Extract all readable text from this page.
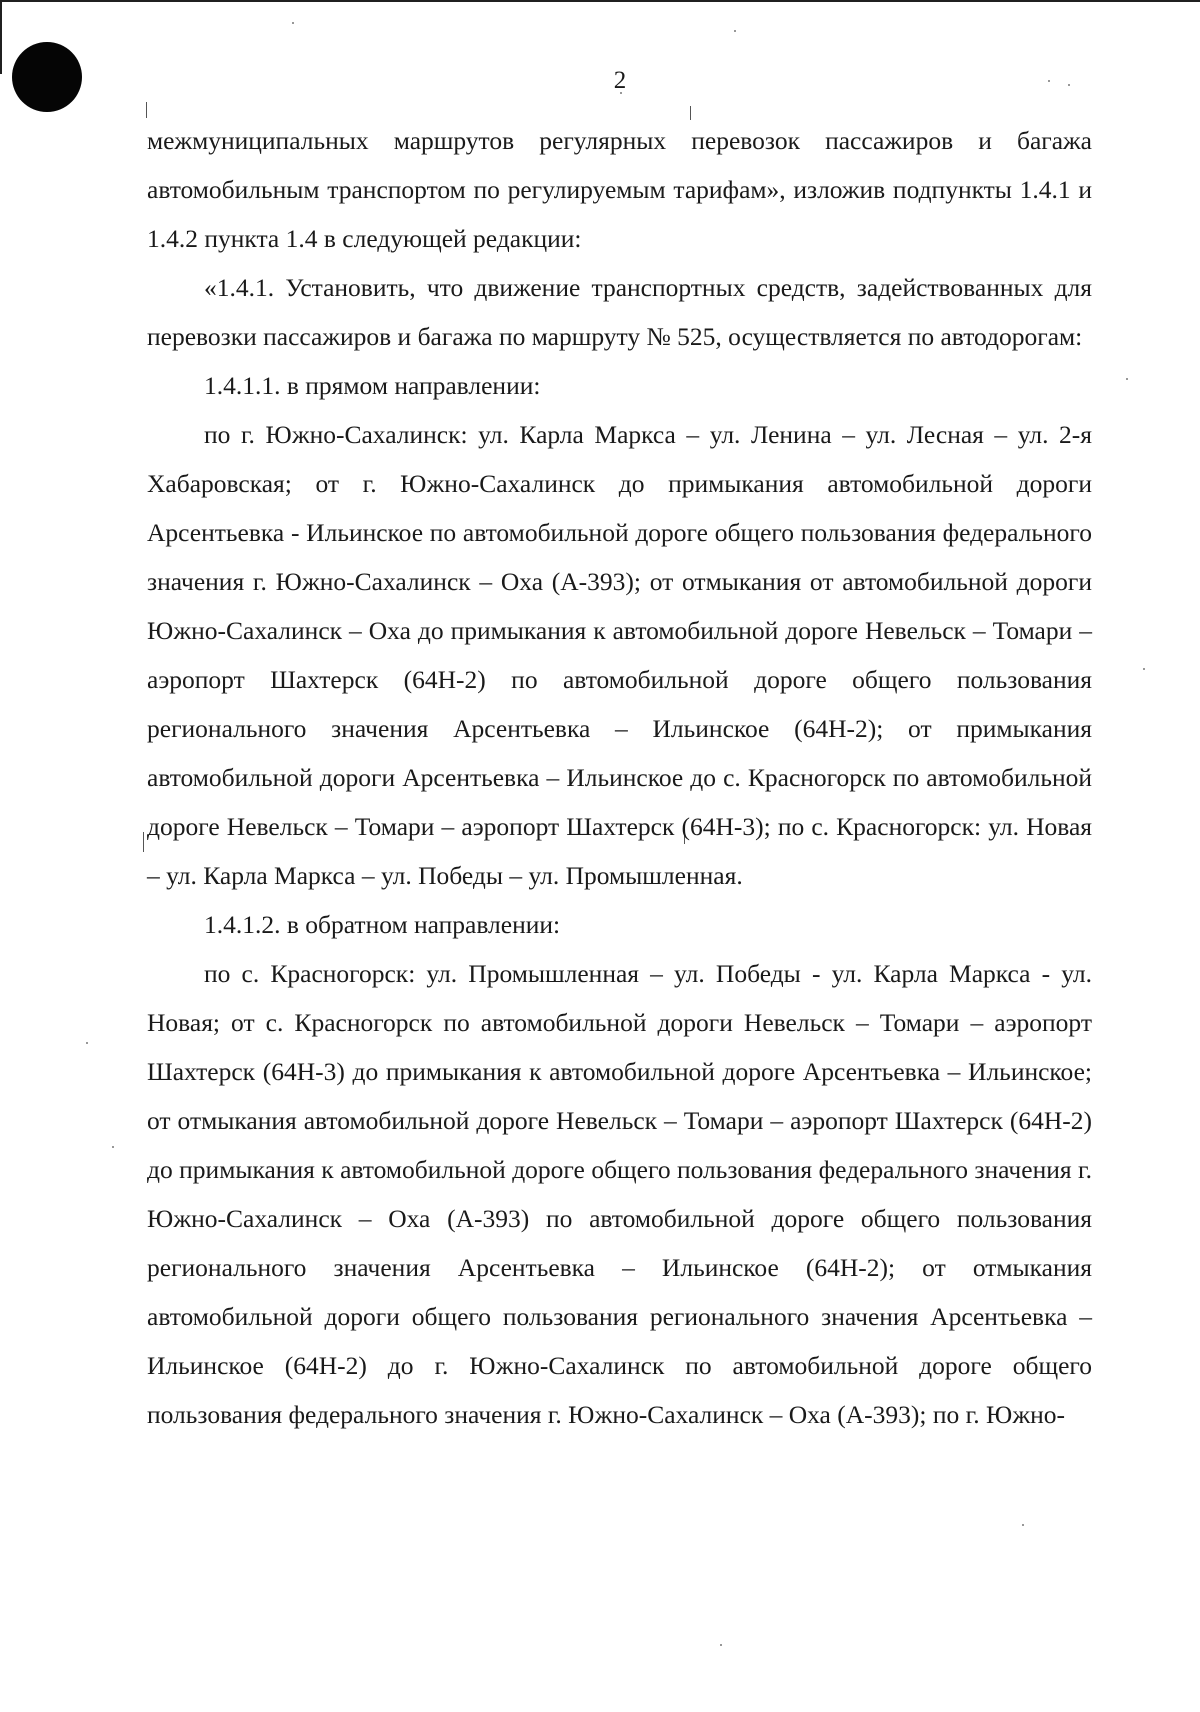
2

межмуниципальных маршрутов регулярных перевозок пассажиров и багажа автомобильным транспортом по регулируемым тарифам», изложив подпункты 1.4.1 и 1.4.2 пункта 1.4 в следующей редакции:

«1.4.1. Установить, что движение транспортных средств, задействованных для перевозки пассажиров и багажа по маршруту № 525, осуществляется по автодорогам:

1.4.1.1. в прямом направлении:

по г. Южно-Сахалинск: ул. Карла Маркса – ул. Ленина – ул. Лесная – ул. 2-я Хабаровская; от г. Южно-Сахалинск до примыкания автомобильной дороги Арсентьевка - Ильинское по автомобильной дороге общего пользования федерального значения г. Южно-Сахалинск – Оха (А-393); от отмыкания от автомобильной дороги Южно-Сахалинск – Оха до примыкания к автомобильной дороге Невельск – Томари – аэропорт Шахтерск (64Н-2) по автомобильной дороге общего пользования регионального значения Арсентьевка – Ильинское (64Н-2); от примыкания автомобильной дороги Арсентьевка – Ильинское до с. Красногорск по автомобильной дороге Невельск – Томари – аэропорт Шахтерск (64Н-3); по с. Красногорск: ул. Новая – ул. Карла Маркса – ул. Победы – ул. Промышленная.

1.4.1.2. в обратном направлении:

по с. Красногорск: ул. Промышленная – ул. Победы - ул. Карла Маркса - ул. Новая; от с. Красногорск по автомобильной дороги Невельск – Томари – аэропорт Шахтерск (64Н-3) до примыкания к автомобильной дороге Арсентьевка – Ильинское; от отмыкания автомобильной дороге Невельск – Томари – аэропорт Шахтерск (64Н-2) до примыкания к автомобильной дороге общего пользования федерального значения г. Южно-Сахалинск – Оха (А-393) по автомобильной дороге общего пользования регионального значения Арсентьевка – Ильинское (64Н-2); от отмыкания автомобильной дороги общего пользования регионального значения Арсентьевка – Ильинское (64Н-2) до г. Южно-Сахалинск по автомобильной дороге общего пользования федерального значения г. Южно-Сахалинск – Оха (А-393); по г. Южно-
